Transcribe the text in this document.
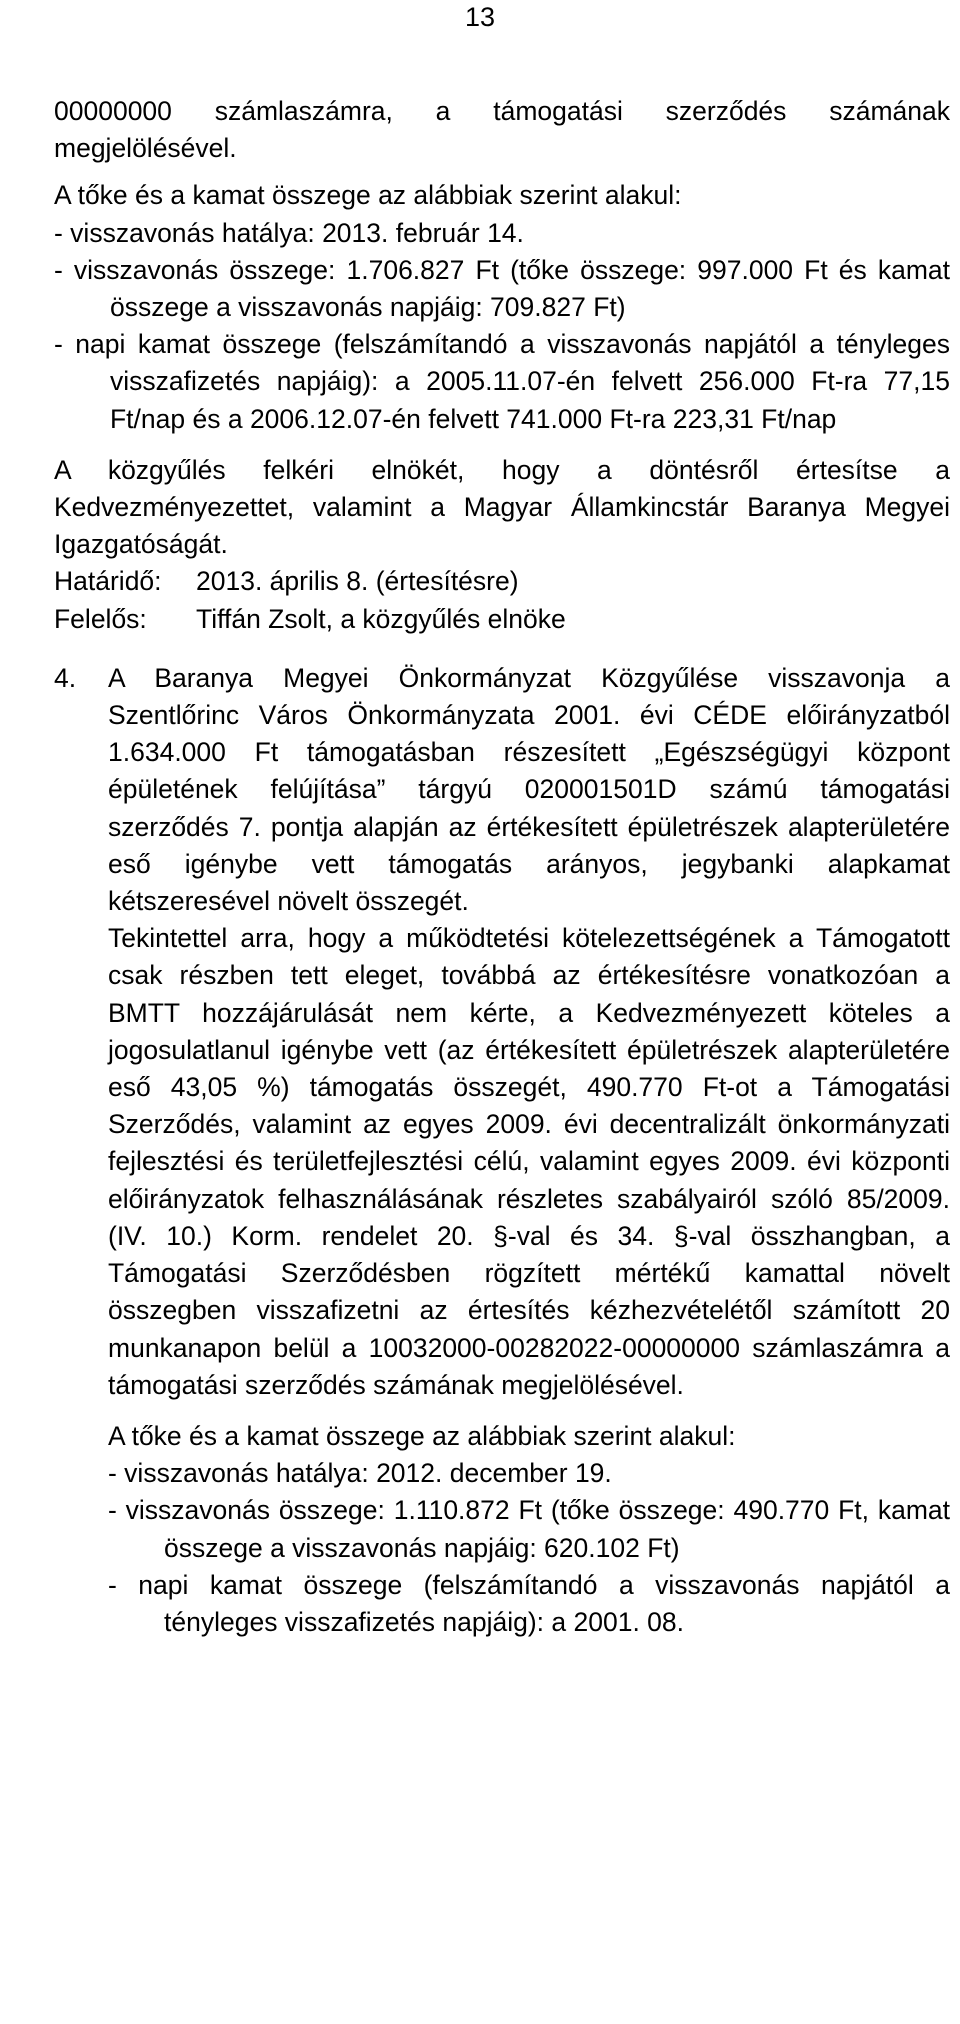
13

00000000 számlaszámra, a támogatási szerződés számának megjelölésével.

A tőke és a kamat összege az alábbiak szerint alakul:

- visszavonás hatálya: 2013. február 14.

- visszavonás összege: 1.706.827 Ft (tőke összege: 997.000 Ft és kamat összege a visszavonás napjáig: 709.827 Ft)

- napi kamat összege (felszámítandó a visszavonás napjától a tényleges visszafizetés napjáig): a 2005.11.07-én felvett 256.000 Ft-ra 77,15 Ft/nap és a 2006.12.07-én felvett 741.000 Ft-ra 223,31 Ft/nap

A közgyűlés felkéri elnökét, hogy a döntésről értesítse a Kedvezményezettet, valamint a Magyar Államkincstár Baranya Megyei Igazgatóságát.

Határidő:	2013. április 8. (értesítésre)
Felelős:	Tiffán Zsolt, a közgyűlés elnöke
4. A Baranya Megyei Önkormányzat Közgyűlése visszavonja a Szentlőrinc Város Önkormányzata 2001. évi CÉDE előirányzatból 1.634.000 Ft támogatásban részesített „Egészségügyi központ épületének felújítása” tárgyú 020001501D számú támogatási szerződés 7. pontja alapján az értékesített épületrészek alapterületére eső igénybe vett támogatás arányos, jegybanki alapkamat kétszeresével növelt összegét.

Tekintettel arra, hogy a működtetési kötelezettségének a Támogatott csak részben tett eleget, továbbá az értékesítésre vonatkozóan a BMTT hozzájárulását nem kérte, a Kedvezményezett köteles a jogosulatlanul igénybe vett (az értékesített épületrészek alapterületére eső 43,05 %) támogatás összegét, 490.770 Ft-ot a Támogatási Szerződés, valamint az egyes 2009. évi decentralizált önkormányzati fejlesztési és területfejlesztési célú, valamint egyes 2009. évi központi előirányzatok felhasználásának részletes szabályairól szóló 85/2009. (IV. 10.) Korm. rendelet 20. §-val és 34. §-val összhangban, a Támogatási Szerződésben rögzített mértékű kamattal növelt összegben visszafizetni az értesítés kézhezvételétől számított 20 munkanapon belül a 10032000-00282022-00000000 számlaszámra a támogatási szerződés számának megjelölésével.

A tőke és a kamat összege az alábbiak szerint alakul:

- visszavonás hatálya: 2012. december 19.

- visszavonás összege: 1.110.872 Ft (tőke összege: 490.770 Ft, kamat összege a visszavonás napjáig: 620.102 Ft)

- napi kamat összege (felszámítandó a visszavonás napjától a tényleges visszafizetés napjáig): a 2001. 08.
